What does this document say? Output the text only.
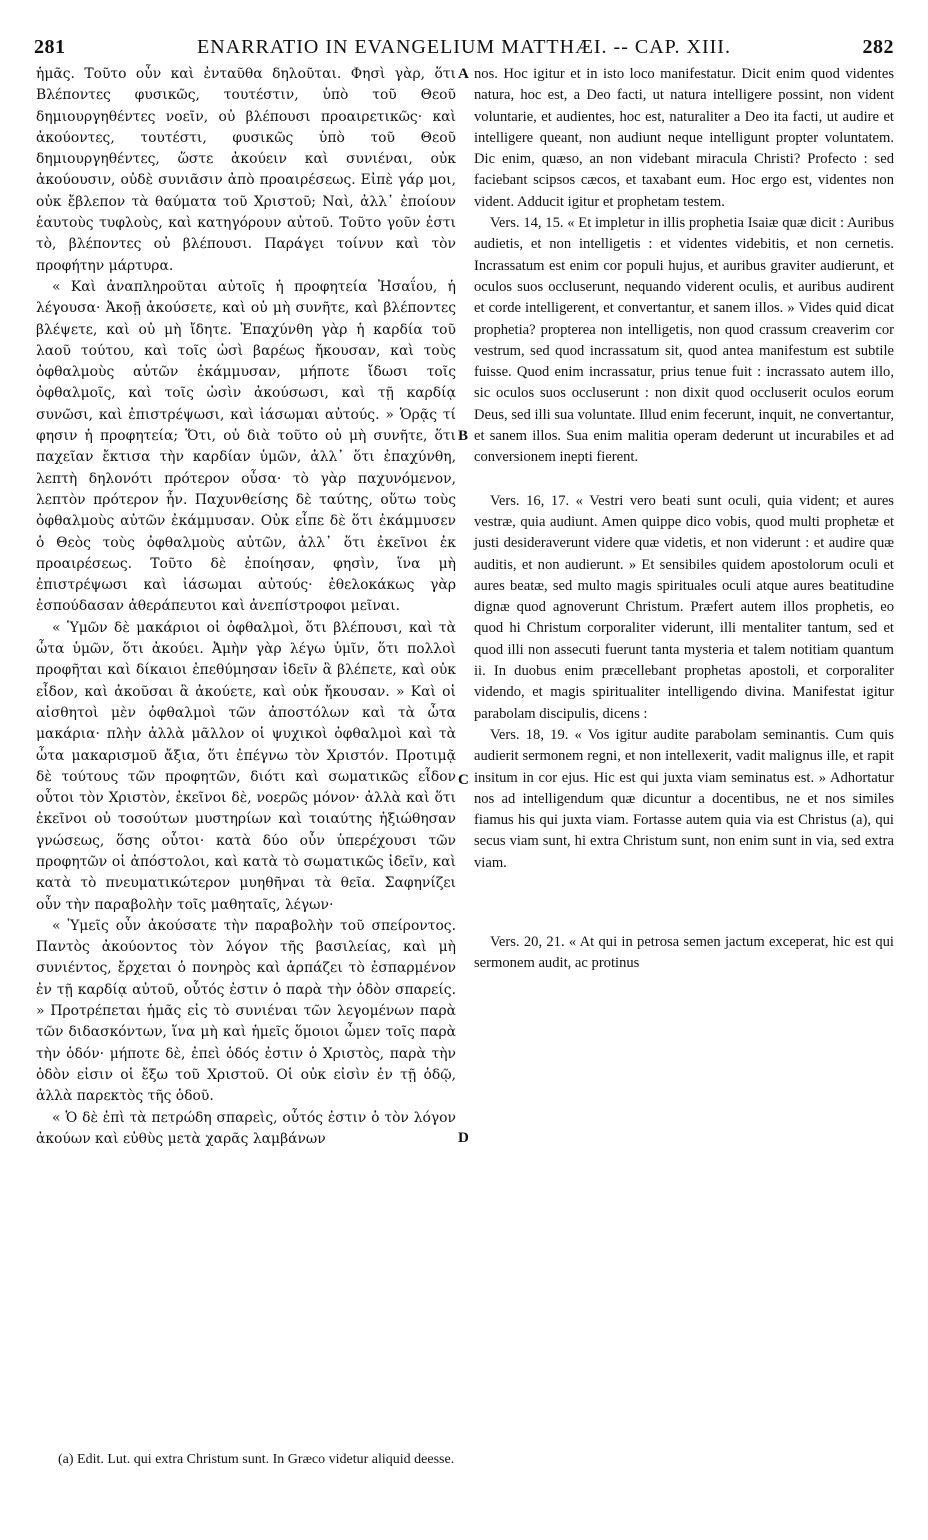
281	ENARRATIO IN EVANGELIUM MATTHÆI. -- CAP. XIII.	282

ἡμᾶς. Τοῦτο οὖν καὶ ἐνταῦθα δηλοῦται. Φησὶ γὰρ, ὅτι Βλέποντες φυσικῶς, τουτέστιν, ὑπὸ τοῦ Θεοῦ δημιουργηθέντες νοεῖν, οὐ βλέπουσι προαιρετικῶς· καὶ ἀκούοντες, τουτέστι, φυσικῶς ὑπὸ τοῦ Θεοῦ δημιουργηθέντες, ὥστε ἀκούειν καὶ συνιέναι, οὐκ ἀκούουσιν, οὐδὲ συνιᾶσιν ἀπὸ προαιρέσεως. Εἰπὲ γάρ μοι, οὐκ ἔβλεπον τὰ θαύματα τοῦ Χριστοῦ; Ναὶ, ἀλλ᾽ ἐποίουν ἑαυτοὺς τυφλοὺς, καὶ κατηγόρουν αὐτοῦ. Τοῦτο γοῦν ἐστι τὸ, βλέποντες οὐ βλέπουσι. Παράγει τοίνυν καὶ τὸν προφήτην μάρτυρα.

« Καὶ ἀναπληροῦται αὐτοῖς ἡ προφητεία Ἠσαΐου, ἡ λέγουσα· Ἀκοῇ ἀκούσετε, καὶ οὐ μὴ συνῆτε, καὶ βλέποντες βλέψετε, καὶ οὐ μὴ ἴδητε. Ἐπαχύνθη γὰρ ἡ καρδία τοῦ λαοῦ τούτου, καὶ τοῖς ὠσὶ βαρέως ἤκουσαν, καὶ τοὺς ὀφθαλμοὺς αὐτῶν ἐκάμμυσαν, μήποτε ἴδωσι τοῖς ὀφθαλμοῖς, καὶ τοῖς ὠσὶν ἀκούσωσι, καὶ τῇ καρδίᾳ συνῶσι, καὶ ἐπιστρέψωσι, καὶ ἰάσωμαι αὐτούς. » Ὁρᾷς τί φησιν ἡ προφητεία; Ὅτι, οὐ διὰ τοῦτο οὐ μὴ συνῆτε, ὅτι παχεῖαν ἔκτισα τὴν καρδίαν ὑμῶν, ἀλλ᾽ ὅτι ἐπαχύνθη, λεπτὴ δηλονότι πρότερον οὖσα· τὸ γὰρ παχυνόμενον, λεπτὸν πρότερον ἦν. Παχυνθείσης δὲ ταύτης, οὕτω τοὺς ὀφθαλμοὺς αὐτῶν ἐκάμμυσαν. Οὐκ εἶπε δὲ ὅτι ἐκάμμυσεν ὁ Θεὸς τοὺς ὀφθαλμοὺς αὐτῶν, ἀλλ᾽ ὅτι ἐκεῖνοι ἐκ προαιρέσεως. Τοῦτο δὲ ἐποίησαν, φησὶν, ἵνα μὴ ἐπιστρέψωσι καὶ ἰάσωμαι αὐτούς· ἐθελοκάκως γὰρ ἐσπούδασαν ἀθεράπευτοι καὶ ἀνεπίστροφοι μεῖναι.

« Ὑμῶν δὲ μακάριοι οἱ ὀφθαλμοὶ, ὅτι βλέπουσι, καὶ τὰ ὦτα ὑμῶν, ὅτι ἀκούει. Ἀμὴν γὰρ λέγω ὑμῖν, ὅτι πολλοὶ προφῆται καὶ δίκαιοι ἐπεθύμησαν ἰδεῖν ἃ βλέπετε, καὶ οὐκ εἶδον, καὶ ἀκοῦσαι ἃ ἀκούετε, καὶ οὐκ ἤκουσαν. » Καὶ οἱ αἰσθητοὶ μὲν ὀφθαλμοὶ τῶν ἀποστόλων καὶ τὰ ὦτα μακάρια· πλὴν ἀλλὰ μᾶλλον οἱ ψυχικοὶ ὀφθαλμοὶ καὶ τὰ ὦτα μακαρισμοῦ ἄξια, ὅτι ἐπέγνω τὸν Χριστόν. Προτιμᾷ δὲ τούτους τῶν προφητῶν, διότι καὶ σωματικῶς εἶδον οὗτοι τὸν Χριστὸν, ἐκεῖνοι δὲ, νοερῶς μόνον· ἀλλὰ καὶ ὅτι ἐκεῖνοι οὐ τοσούτων μυστηρίων καὶ τοιαύτης ἠξιώθησαν γνώσεως, ὅσης οὗτοι· κατὰ δύο οὖν ὑπερέχουσι τῶν προφητῶν οἱ ἀπόστολοι, καὶ κατὰ τὸ σωματικῶς ἰδεῖν, καὶ κατὰ τὸ πνευματικώτερον μυηθῆναι τὰ θεῖα. Σαφηνίζει οὖν τὴν παραβολὴν τοῖς μαθηταῖς, λέγων·

« Ὑμεῖς οὖν ἀκούσατε τὴν παραβολὴν τοῦ σπείροντος. Παντὸς ἀκούοντος τὸν λόγον τῆς βασιλείας, καὶ μὴ συνιέντος, ἔρχεται ὁ πονηρὸς καὶ ἁρπάζει τὸ ἐσπαρμένον ἐν τῇ καρδίᾳ αὐτοῦ, οὗτός ἐστιν ὁ παρὰ τὴν ὁδὸν σπαρείς. » Προτρέπεται ἡμᾶς εἰς τὸ συνιέναι τῶν λεγομένων παρὰ τῶν διδασκόντων, ἵνα μὴ καὶ ἡμεῖς ὅμοιοι ὦμεν τοῖς παρὰ τὴν ὁδόν· μήποτε δὲ, ἐπεὶ ὁδός ἐστιν ὁ Χριστὸς, παρὰ τὴν ὁδὸν εἰσιν οἱ ἔξω τοῦ Χριστοῦ. Οἱ οὐκ εἰσὶν ἐν τῇ ὁδῷ, ἀλλὰ παρεκτὸς τῆς ὁδοῦ.

« Ὁ δὲ ἐπὶ τὰ πετρώδη σπαρεὶς, οὗτός ἐστιν ὁ τὸν λόγον ἀκούων καὶ εὐθὺς μετὰ χαρᾶς λαμβάνων

A
B
C
D

nos. Hoc igitur et in isto loco manifestatur. Dicit enim quod videntes natura, hoc est, a Deo facti, ut natura intelligere possint, non vident voluntarie, et audientes, hoc est, naturaliter a Deo ita facti, ut audire et intelligere queant, non audiunt neque intelligunt propter voluntatem. Dic enim, quæso, an non videbant miracula Christi? Profecto : sed faciebant scipsos cæcos, et taxabant eum. Hoc ergo est, videntes non vident. Adducit igitur et prophetam testem.

Vers. 14, 15. « Et impletur in illis prophetia Isaiæ quæ dicit : Auribus audietis, et non intelligetis : et videntes videbitis, et non cernetis. Incrassatum est enim cor populi hujus, et auribus graviter audierunt, et oculos suos occluserunt, nequando viderent oculis, et auribus audirent et corde intelligerent, et convertantur, et sanem illos. » Vides quid dicat prophetia? propterea non intelligetis, non quod crassum creaverim cor vestrum, sed quod incrassatum sit, quod antea manifestum est subtile fuisse. Quod enim incrassatur, prius tenue fuit : incrassato autem illo, sic oculos suos occluserunt : non dixit quod occluserit oculos eorum Deus, sed illi sua voluntate. Illud enim fecerunt, inquit, ne convertantur, et sanem illos. Sua enim malitia operam dederunt ut incurabiles et ad conversionem inepti fierent.

Vers. 16, 17. « Vestri vero beati sunt oculi, quia vident; et aures vestræ, quia audiunt. Amen quippe dico vobis, quod multi prophetæ et justi desideraverunt videre quæ videtis, et non viderunt : et audire quæ auditis, et non audierunt. » Et sensibiles quidem apostolorum oculi et aures beatæ, sed multo magis spirituales oculi atque aures beatitudine dignæ quod agnoverunt Christum. Præfert autem illos prophetis, eo quod hi Christum corporaliter viderunt, illi mentaliter tantum, sed et quod illi non assecuti fuerunt tanta mysteria et talem notitiam quantum ii. In duobus enim præcellebant prophetas apostoli, et corporaliter videndo, et magis spiritualiter intelligendo divina. Manifestat igitur parabolam discipulis, dicens :

Vers. 18, 19. « Vos igitur audite parabolam seminantis. Cum quis audierit sermonem regni, et non intellexerit, vadit malignus ille, et rapit insitum in cor ejus. Hic est qui juxta viam seminatus est. » Adhortatur nos ad intelligendum quæ dicuntur a docentibus, ne et nos similes fiamus his qui juxta viam. Fortasse autem quia via est Christus (a), qui secus viam sunt, hi extra Christum sunt, non enim sunt in via, sed extra viam.

Vers. 20, 21. « At qui in petrosa semen jactum exceperat, hic est qui sermonem audit, ac protinus

(a) Edit. Lut. qui extra Christum sunt. In Græco videtur aliquid deesse.
